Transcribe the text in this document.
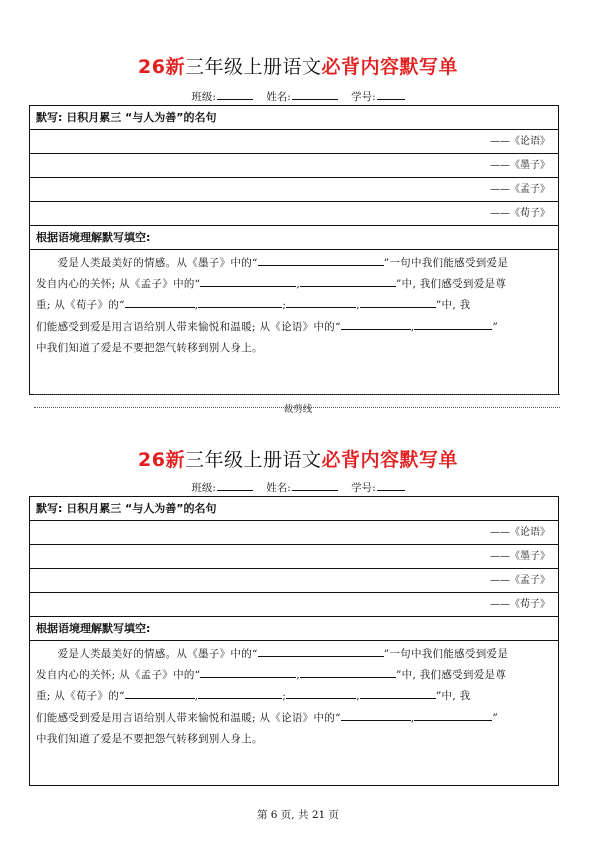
26新三年级上册语文必背内容默写单
班级:	姓名:	学号:
默写: 日积月累三 “与人为善”的名句
——《论语》
——《墨子》
——《孟子》
——《荀子》
根据语境理解默写填空:
　　爱是人类最美好的情感。从《墨子》中的“	”一句中我们能感受到爱是
发自内心的关怀; 从《孟子》中的“	,	”中, 我们感受到爱是尊
重; 从《荀子》的“	,	;	,	”中, 我
们能感受到爱是用言语给别人带来愉悦和温暖; 从《论语》中的“	,	”
中我们知道了爱是不要把怨气转移到别人身上。
裁剪线
26新三年级上册语文必背内容默写单
班级:	姓名:	学号:
默写: 日积月累三 “与人为善”的名句
——《论语》
——《墨子》
——《孟子》
——《荀子》
根据语境理解默写填空:
　　爱是人类最美好的情感。从《墨子》中的“	”一句中我们能感受到爱是
发自内心的关怀; 从《孟子》中的“	,	”中, 我们感受到爱是尊
重; 从《荀子》的“	,	;	,	”中, 我
们能感受到爱是用言语给别人带来愉悦和温暖; 从《论语》中的“	,	”
中我们知道了爱是不要把怨气转移到别人身上。
第 6 页, 共 21 页
